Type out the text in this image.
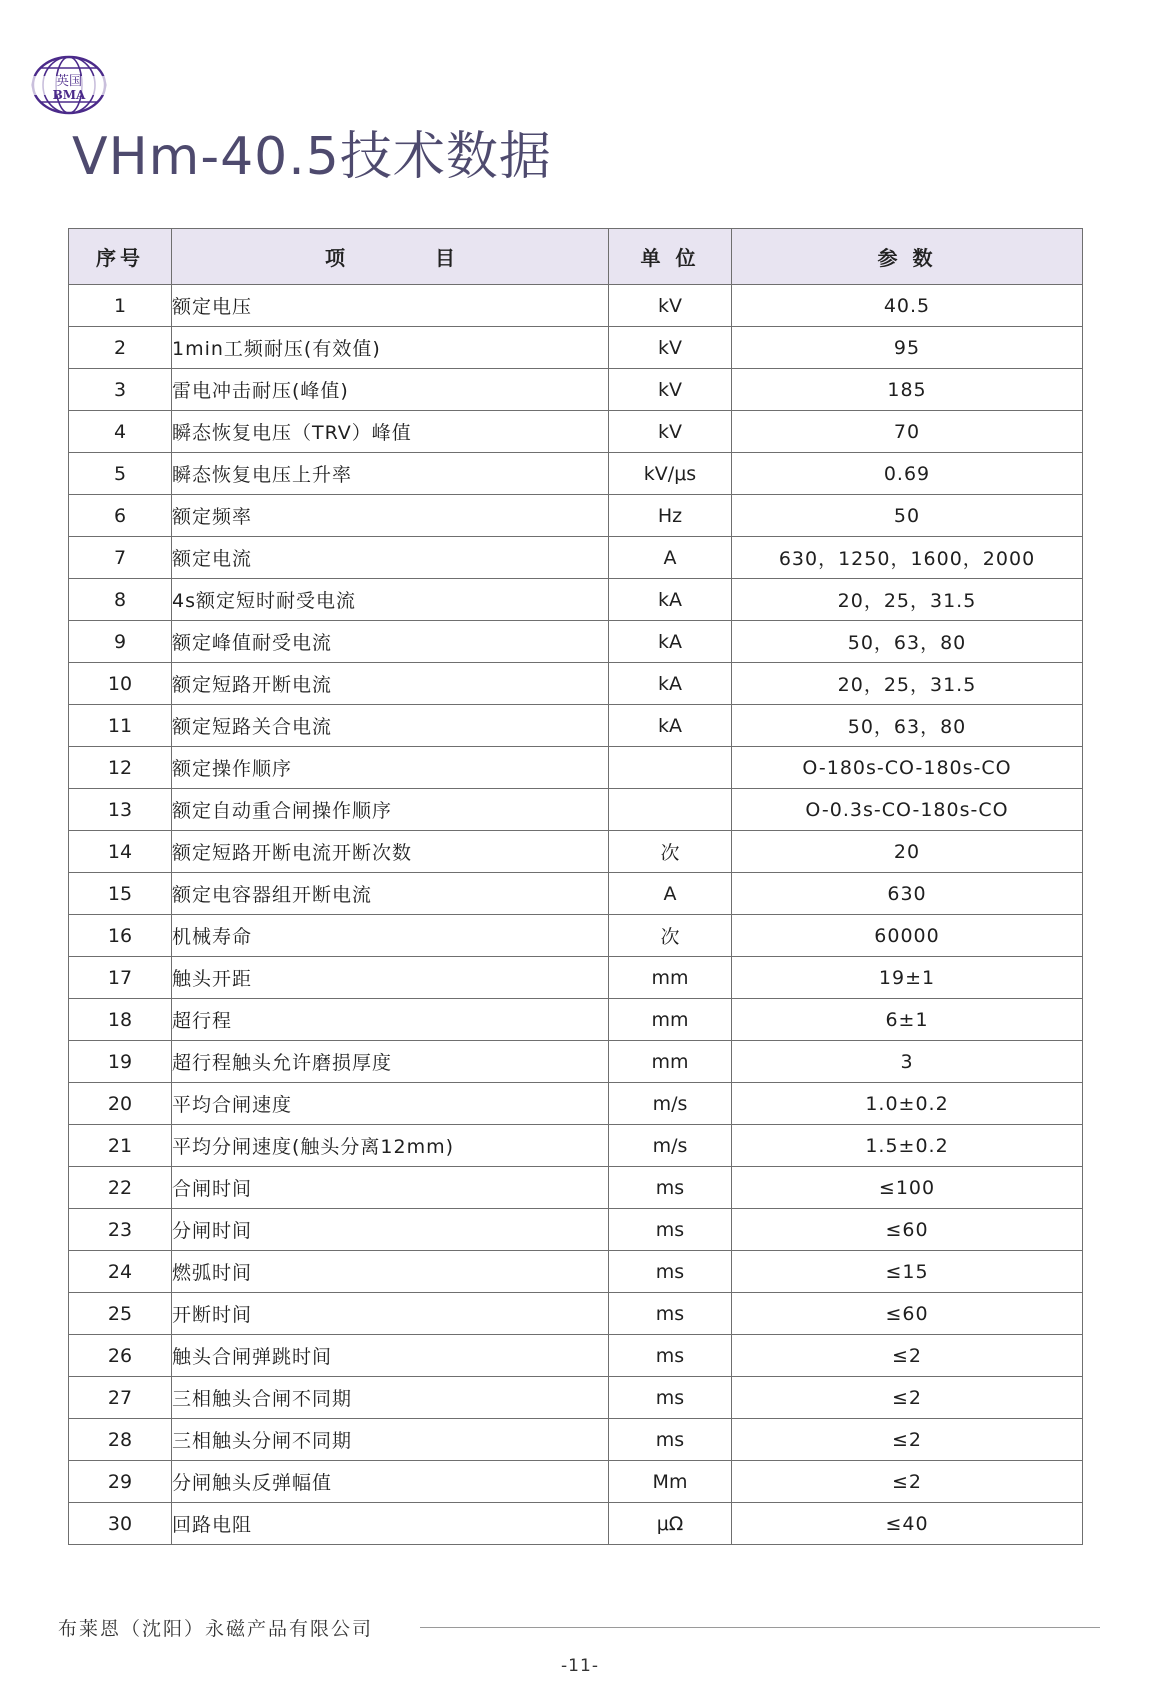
英国
BMA
VHm-40.5技术数据
序号	项 目	单 位	参 数
1	额定电压	kV	40.5
2	1min工频耐压(有效值)	kV	95
3	雷电冲击耐压(峰值)	kV	185
4	瞬态恢复电压（TRV）峰值	kV	70
5	瞬态恢复电压上升率	kV/μs	0.69
6	额定频率	Hz	50
7	额定电流	A	630，1250，1600，2000
8	4s额定短时耐受电流	kA	20，25，31.5
9	额定峰值耐受电流	kA	50，63，80
10	额定短路开断电流	kA	20，25，31.5
11	额定短路关合电流	kA	50，63，80
12	额定操作顺序		O-180s-CO-180s-CO
13	额定自动重合闸操作顺序		O-0.3s-CO-180s-CO
14	额定短路开断电流开断次数	次	20
15	额定电容器组开断电流	A	630
16	机械寿命	次	60000
17	触头开距	mm	19±1
18	超行程	mm	6±1
19	超行程触头允许磨损厚度	mm	3
20	平均合闸速度	m/s	1.0±0.2
21	平均分闸速度(触头分离12mm)	m/s	1.5±0.2
22	合闸时间	ms	≤100
23	分闸时间	ms	≤60
24	燃弧时间	ms	≤15
25	开断时间	ms	≤60
26	触头合闸弹跳时间	ms	≤2
27	三相触头合闸不同期	ms	≤2
28	三相触头分闸不同期	ms	≤2
29	分闸触头反弹幅值	Mm	≤2
30	回路电阻	μΩ	≤40
布莱恩（沈阳）永磁产品有限公司
-11-
